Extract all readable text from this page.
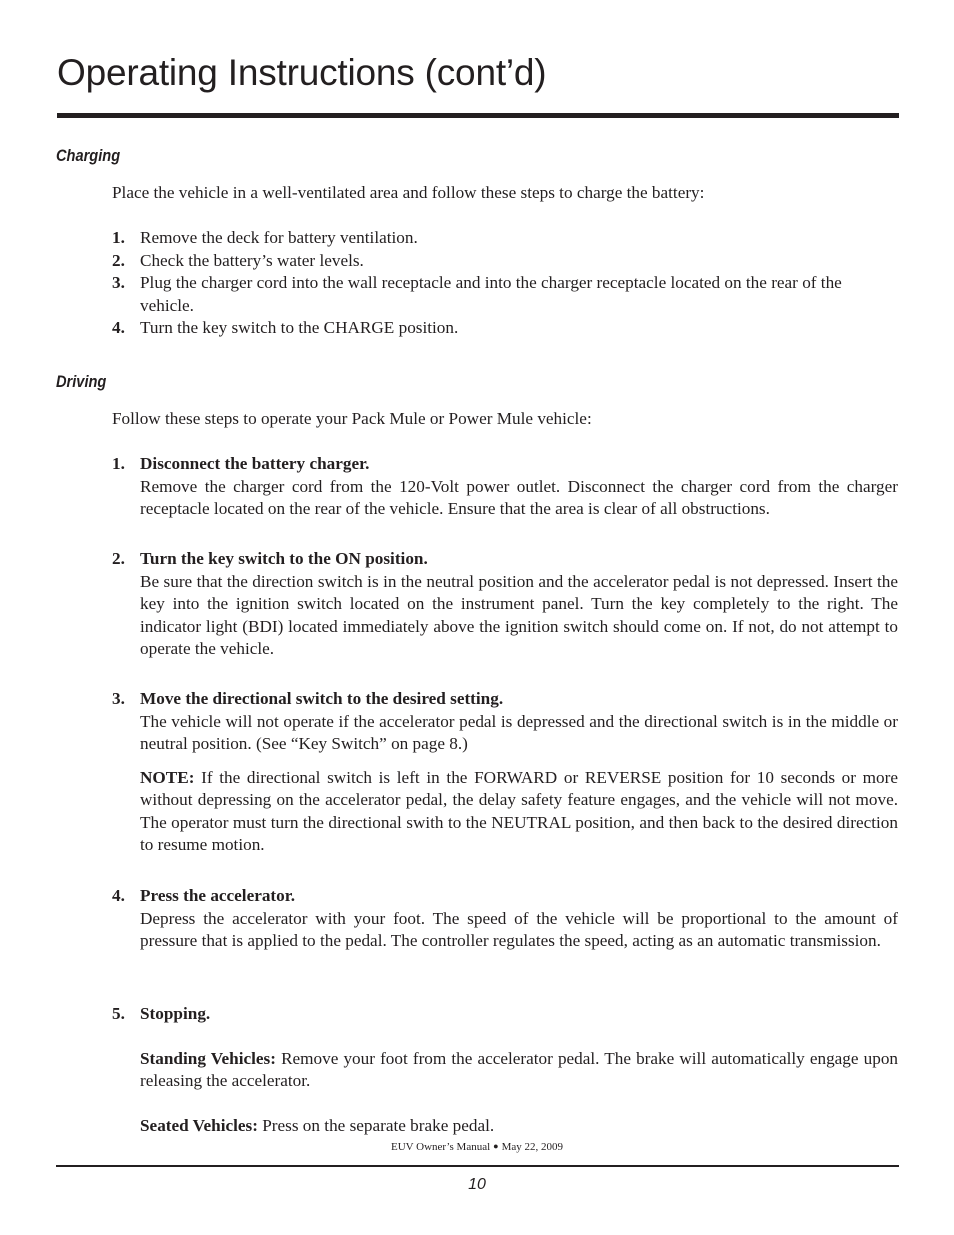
Operating Instructions (cont’d)
Charging

Place the vehicle in a well-ventilated area and follow these steps to charge the battery:

1. Remove the deck for battery ventilation.
2. Check the battery’s water levels.
3. Plug the charger cord into the wall receptacle and into the charger receptacle located on the rear of the vehicle.
4. Turn the key switch to the CHARGE position.
Driving

Follow these steps to operate your Pack Mule or Power Mule vehicle:

1. Disconnect the battery charger.

Remove the charger cord from the 120-Volt power outlet. Disconnect the charger cord from the charger receptacle located on the rear of the vehicle. Ensure that the area is clear of all obstructions.

2. Turn the key switch to the ON position.

Be sure that the direction switch is in the neutral position and the accelerator pedal is not depressed. Insert the key into the ignition switch located on the instrument panel. Turn the key completely to the right. The indicator light (BDI) located immediately above the ignition switch should come on. If not, do not attempt to operate the vehicle.

3. Move the directional switch to the desired setting.

The vehicle will not operate if the accelerator pedal is depressed and the directional switch is in the middle or neutral position. (See “Key Switch” on page 8.)

NOTE: If the directional switch is left in the FORWARD or REVERSE position for 10 seconds or more without depressing on the accelerator pedal, the delay safety feature engages, and the vehicle will not move. The operator must turn the directional swith to the NEUTRAL position, and then back to the desired direction to resume motion.

4. Press the accelerator.

Depress the accelerator with your foot. The speed of the vehicle will be proportional to the amount of pressure that is applied to the pedal. The controller regulates the speed, acting as an automatic transmission.

5. Stopping.

Standing Vehicles: Remove your foot from the accelerator pedal. The brake will automatically engage upon releasing the accelerator.

Seated Vehicles: Press on the separate brake pedal.

EUV Owner’s Manual ● May 22, 2009
10
